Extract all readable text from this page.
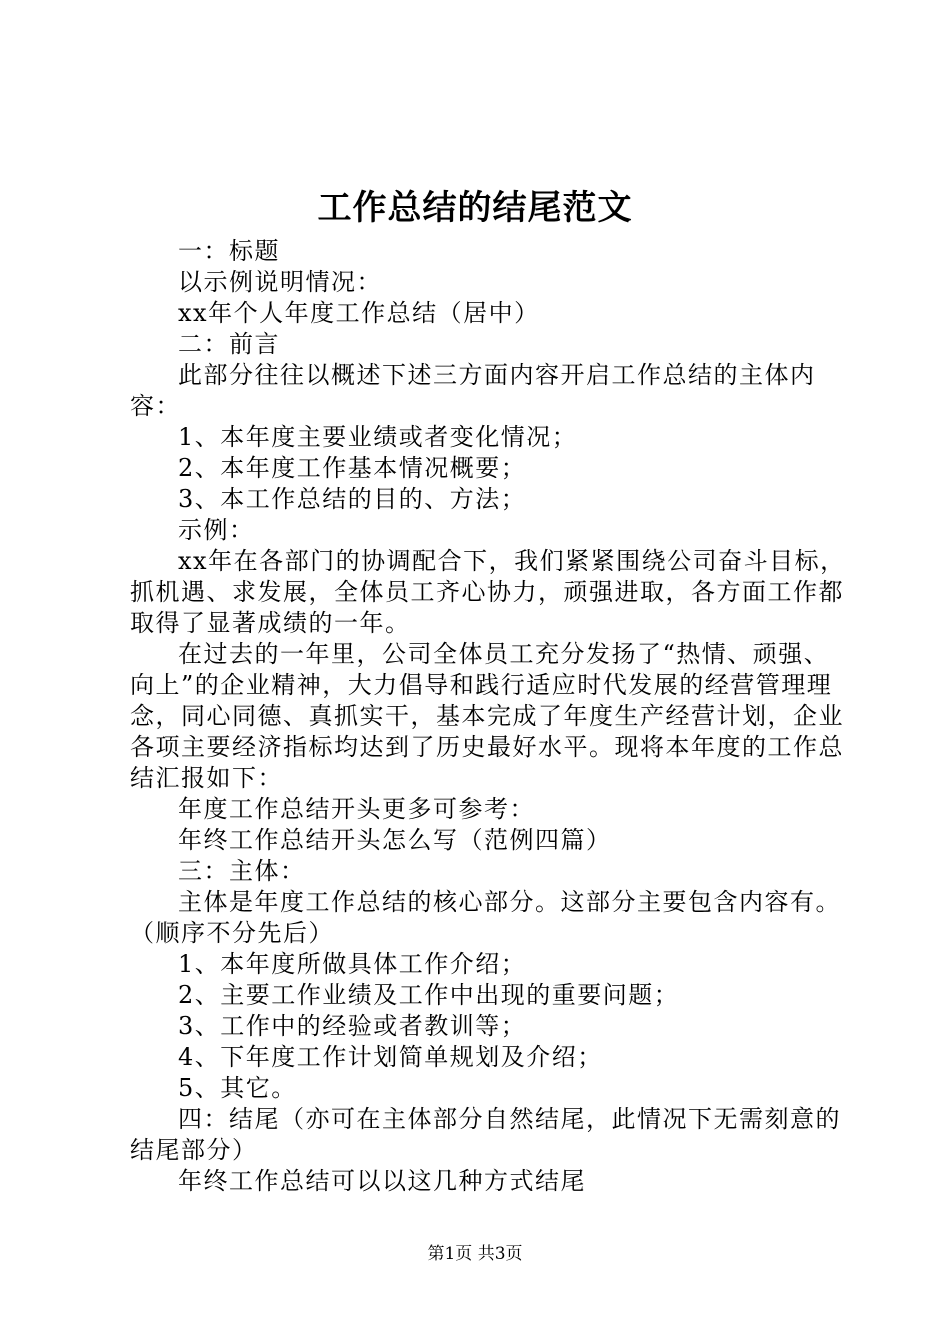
工作总结的结尾范文

一：标题

以示例说明情况：

xx年个人年度工作总结（居中）

二：前言

此部分往往以概述下述三方面内容开启工作总结的主体内容：

1、本年度主要业绩或者变化情况；

2、本年度工作基本情况概要；

3、本工作总结的目的、方法；

示例：

xx年在各部门的协调配合下，我们紧紧围绕公司奋斗目标，抓机遇、求发展，全体员工齐心协力，顽强进取，各方面工作都取得了显著成绩的一年。

在过去的一年里，公司全体员工充分发扬了“热情、顽强、向上”的企业精神，大力倡导和践行适应时代发展的经营管理理念，同心同德、真抓实干，基本完成了年度生产经营计划，企业各项主要经济指标均达到了历史最好水平。现将本年度的工作总结汇报如下：

年度工作总结开头更多可参考：

年终工作总结开头怎么写（范例四篇）

三：主体：

主体是年度工作总结的核心部分。这部分主要包含内容有。（顺序不分先后）

1、本年度所做具体工作介绍；

2、主要工作业绩及工作中出现的重要问题；

3、工作中的经验或者教训等；

4、下年度工作计划简单规划及介绍；

5、其它。

四：结尾（亦可在主体部分自然结尾，此情况下无需刻意的结尾部分）

年终工作总结可以以这几种方式结尾

第1页 共3页
